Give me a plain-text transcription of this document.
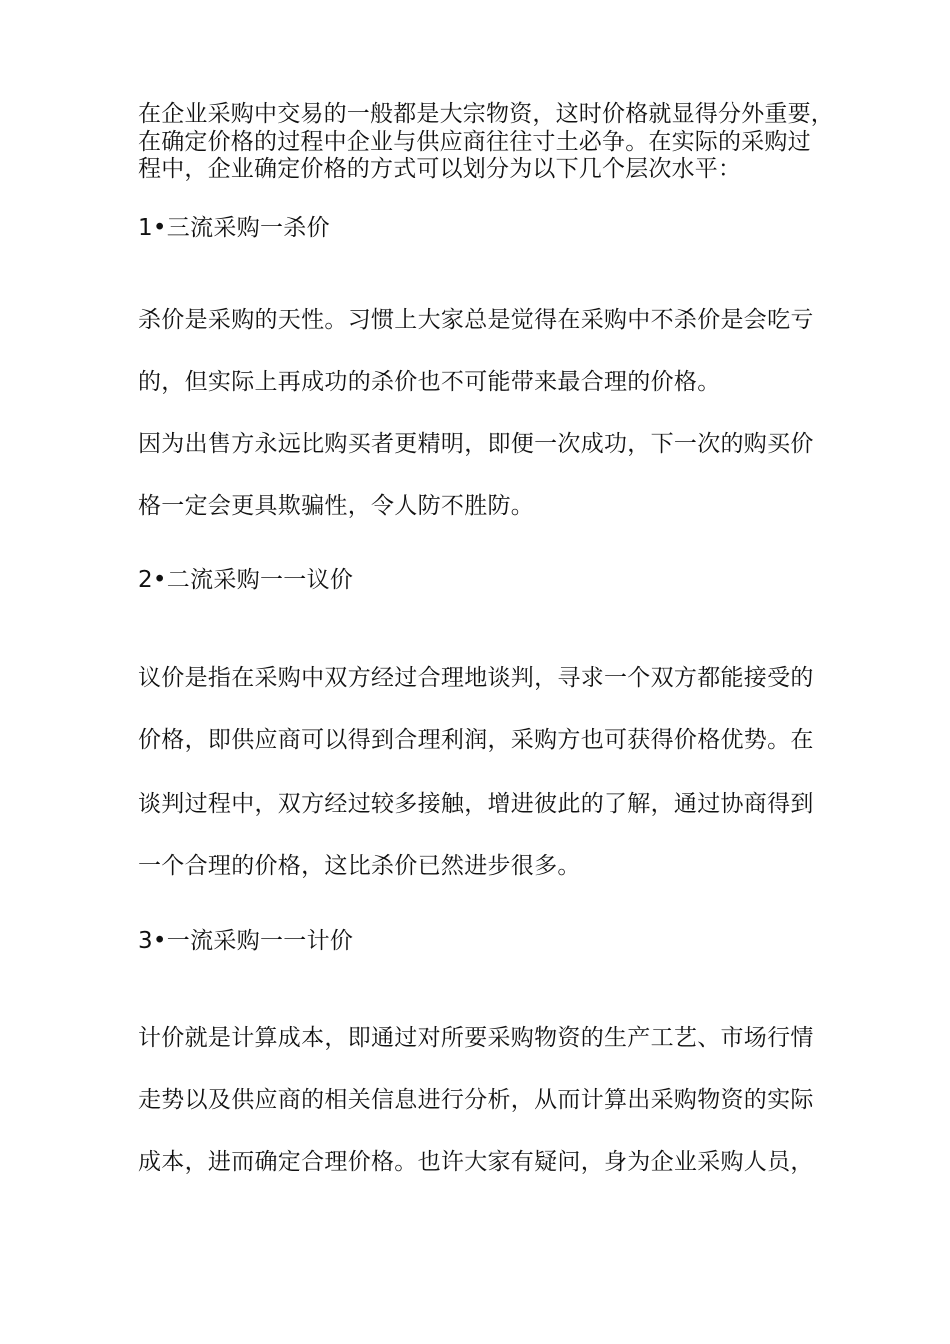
在企业采购中交易的一般都是大宗物资，这时价格就显得分外重要，
在确定价格的过程中企业与供应商往往寸土必争。在实际的采购过
程中，企业确定价格的方式可以划分为以下几个层次水平：
1•三流采购一杀价
杀价是采购的天性。习惯上大家总是觉得在采购中不杀价是会吃亏
的，但实际上再成功的杀价也不可能带来最合理的价格。
因为出售方永远比购买者更精明，即便一次成功，下一次的购买价
格一定会更具欺骗性，令人防不胜防。
2•二流采购一一议价
议价是指在采购中双方经过合理地谈判，寻求一个双方都能接受的
价格，即供应商可以得到合理利润，采购方也可获得价格优势。在
谈判过程中，双方经过较多接触，增进彼此的了解，通过协商得到
一个合理的价格，这比杀价已然进步很多。
3•一流采购一一计价
计价就是计算成本，即通过对所要采购物资的生产工艺、市场行情
走势以及供应商的相关信息进行分析，从而计算出采购物资的实际
成本，进而确定合理价格。也许大家有疑问，身为企业采购人员，
